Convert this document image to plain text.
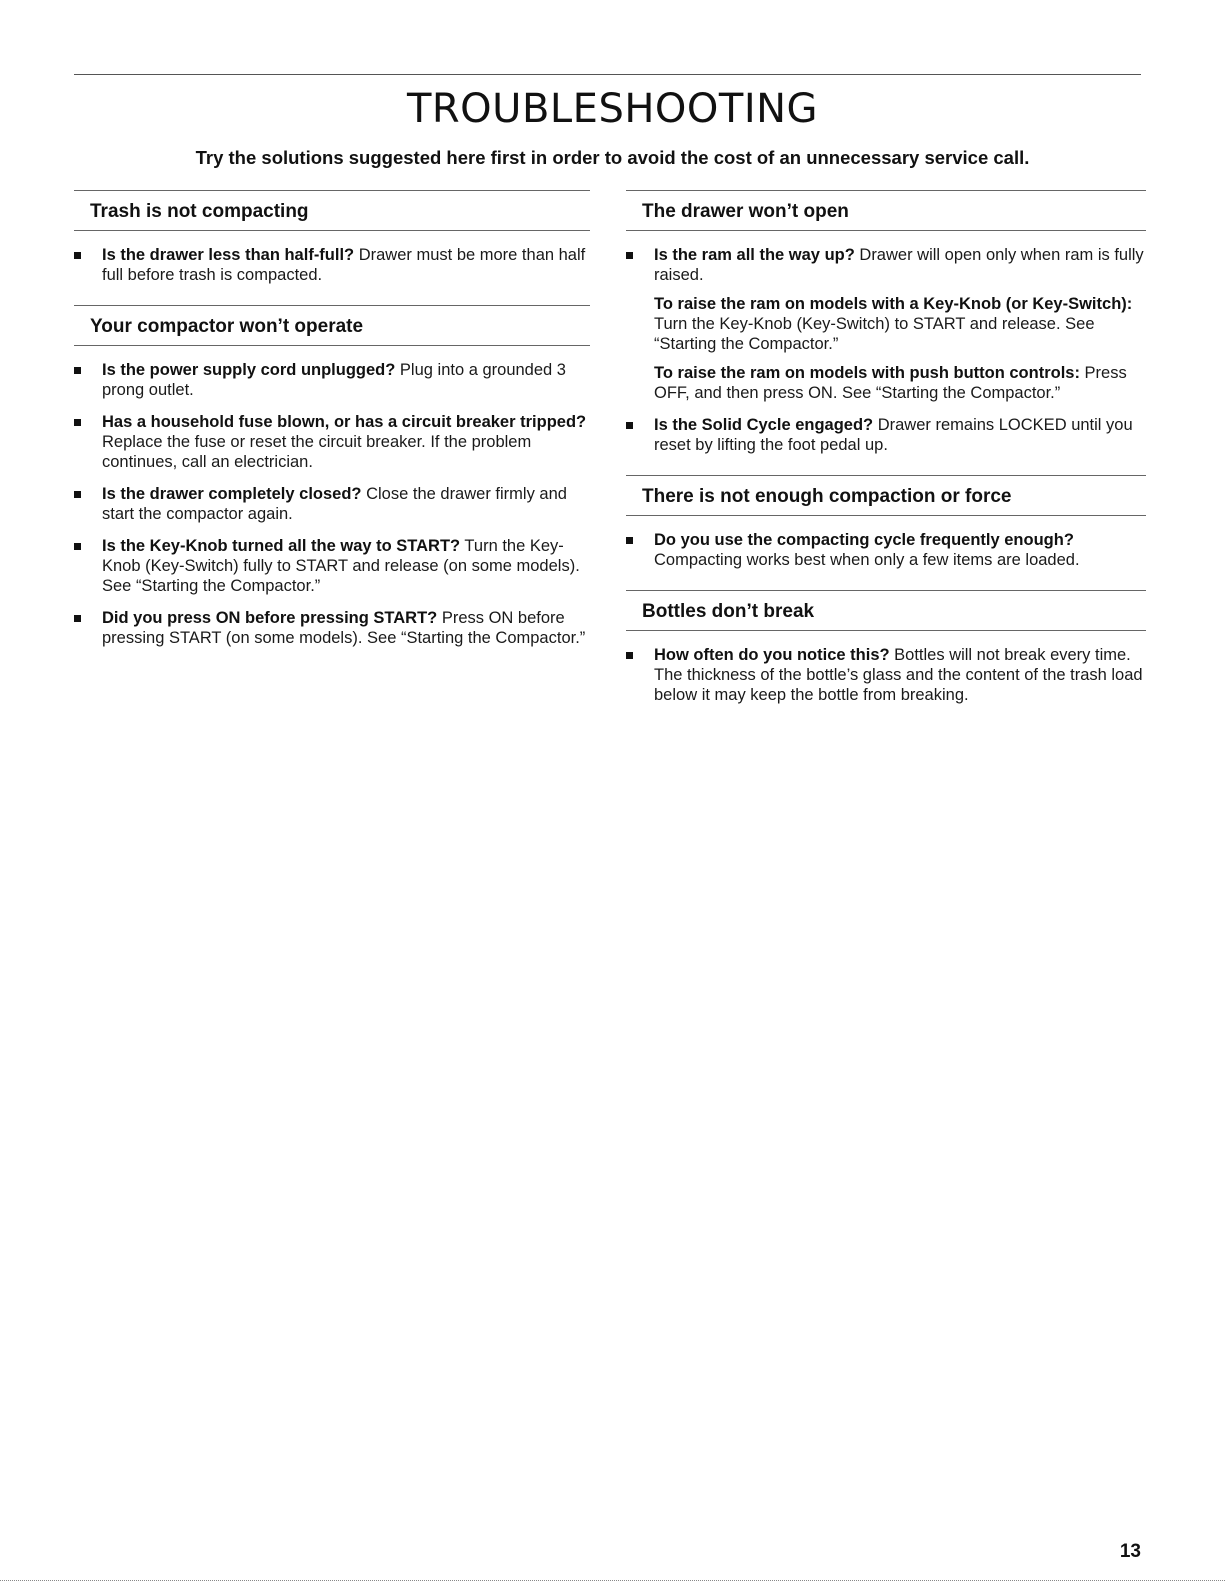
TROUBLESHOOTING

Try the solutions suggested here first in order to avoid the cost of an unnecessary service call.

Trash is not compacting
Is the drawer less than half-full? Drawer must be more than half full before trash is compacted.
Your compactor won’t operate
Is the power supply cord unplugged? Plug into a grounded 3 prong outlet.
Has a household fuse blown, or has a circuit breaker tripped? Replace the fuse or reset the circuit breaker. If the problem continues, call an electrician.
Is the drawer completely closed? Close the drawer firmly and start the compactor again.
Is the Key-Knob turned all the way to START? Turn the Key-Knob (Key-Switch) fully to START and release (on some models). See “Starting the Compactor.”
Did you press ON before pressing START? Press ON before pressing START (on some models). See “Starting the Compactor.”
The drawer won’t open
Is the ram all the way up? Drawer will open only when ram is fully raised.
To raise the ram on models with a Key-Knob (or Key-Switch): Turn the Key-Knob (Key-Switch) to START and release. See “Starting the Compactor.”
To raise the ram on models with push button controls: Press OFF, and then press ON. See “Starting the Compactor.”
Is the Solid Cycle engaged? Drawer remains LOCKED until you reset by lifting the foot pedal up.
There is not enough compaction or force
Do you use the compacting cycle frequently enough? Compacting works best when only a few items are loaded.
Bottles don’t break
How often do you notice this? Bottles will not break every time. The thickness of the bottle’s glass and the content of the trash load below it may keep the bottle from breaking.
13
